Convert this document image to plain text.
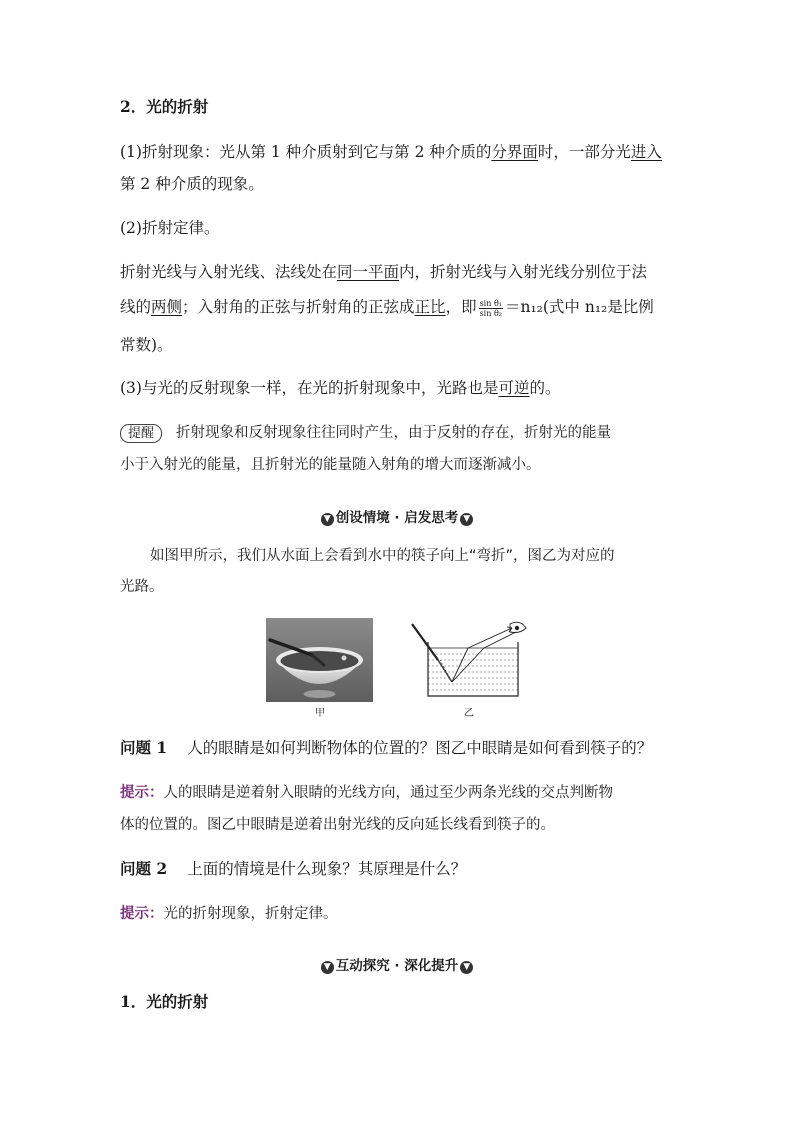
2．光的折射
(1)折射现象：光从第 1 种介质射到它与第 2 种介质的分界面时，一部分光进入
第 2 种介质的现象。
(2)折射定律。
折射光线与入射光线、法线处在同一平面内，折射光线与入射光线分别位于法
线的两侧；入射角的正弦与折射角的正弦成正比，即 $\frac{\text{sin θ₁}}{\text{sin θ₂}} =n_{12}$(式中 n₁₂是比例
常数)。
(3)与光的反射现象一样，在光的折射现象中，光路也是可逆的。
提醒 折射现象和反射现象往往同时产生，由于反射的存在，折射光的能量
小于入射光的能量，且折射光的能量随入射角的增大而逐渐减小。
▼ 创设情境 · 启发思考 ▼
如图甲所示，我们从水面上会看到水中的筷子向上“弯折”，图乙为对应的
光路。
甲	乙
问题 1 人的眼睛是如何判断物体的位置的？图乙中眼睛是如何看到筷子的？
提示：人的眼睛是逆着射入眼睛的光线方向，通过至少两条光线的交点判断物
体的位置的。图乙中眼睛是逆着出射光线的反向延长线看到筷子的。
问题 2 上面的情境是什么现象？其原理是什么？
提示：光的折射现象，折射定律。
▼ 互动探究 · 深化提升 ▼
1．光的折射
